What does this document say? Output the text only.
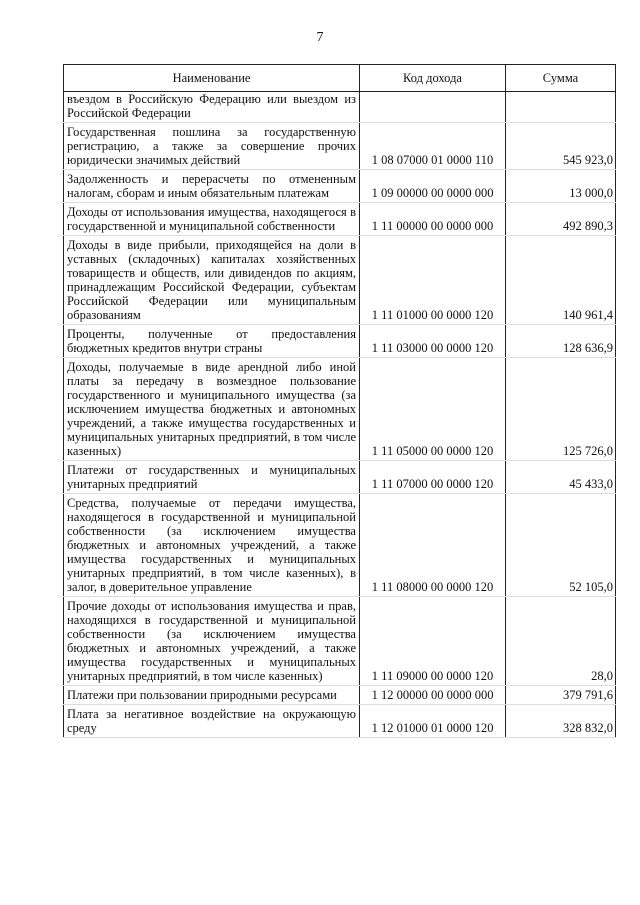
7
Наименование	Код дохода	Сумма
въездом в Российскую Федерацию или выездом из Российской Федерации		
Государственная пошлина за государственную регистрацию, а также за совершение прочих юридически значимых действий	1 08 07000 01 0000 110	545 923,0
Задолженность и перерасчеты по отмененным налогам, сборам и иным обязательным платежам	1 09 00000 00 0000 000	13 000,0
Доходы от использования имущества, находящегося в государственной и муниципальной собственности	1 11 00000 00 0000 000	492 890,3
Доходы в виде прибыли, приходящейся на доли в уставных (складочных) капиталах хозяйственных товариществ и обществ, или дивидендов по акциям, принадлежащим Российской Федерации, субъектам Российской Федерации или муниципальным образованиям	1 11 01000 00 0000 120	140 961,4
Проценты, полученные от предоставления бюджетных кредитов внутри страны	1 11 03000 00 0000 120	128 636,9
Доходы, получаемые в виде арендной либо иной платы за передачу в возмездное пользование государственного и муниципального имущества (за исключением имущества бюджетных и автономных учреждений, а также имущества государственных и муниципальных унитарных предприятий, в том числе казенных)	1 11 05000 00 0000 120	125 726,0
Платежи от государственных и муниципальных унитарных предприятий	1 11 07000 00 0000 120	45 433,0
Средства, получаемые от передачи имущества, находящегося в государственной и муниципальной собственности (за исключением имущества бюджетных и автономных учреждений, а также имущества государственных и муниципальных унитарных предприятий, в том числе казенных), в залог, в доверительное управление	1 11 08000 00 0000 120	52 105,0
Прочие доходы от использования имущества и прав, находящихся в государственной и муниципальной собственности (за исключением имущества бюджетных и автономных учреждений, а также имущества государственных и муниципальных унитарных предприятий, в том числе казенных)	1 11 09000 00 0000 120	28,0
Платежи при пользовании природными ресурсами	1 12 00000 00 0000 000	379 791,6
Плата за негативное воздействие на окружающую среду	1 12 01000 01 0000 120	328 832,0
